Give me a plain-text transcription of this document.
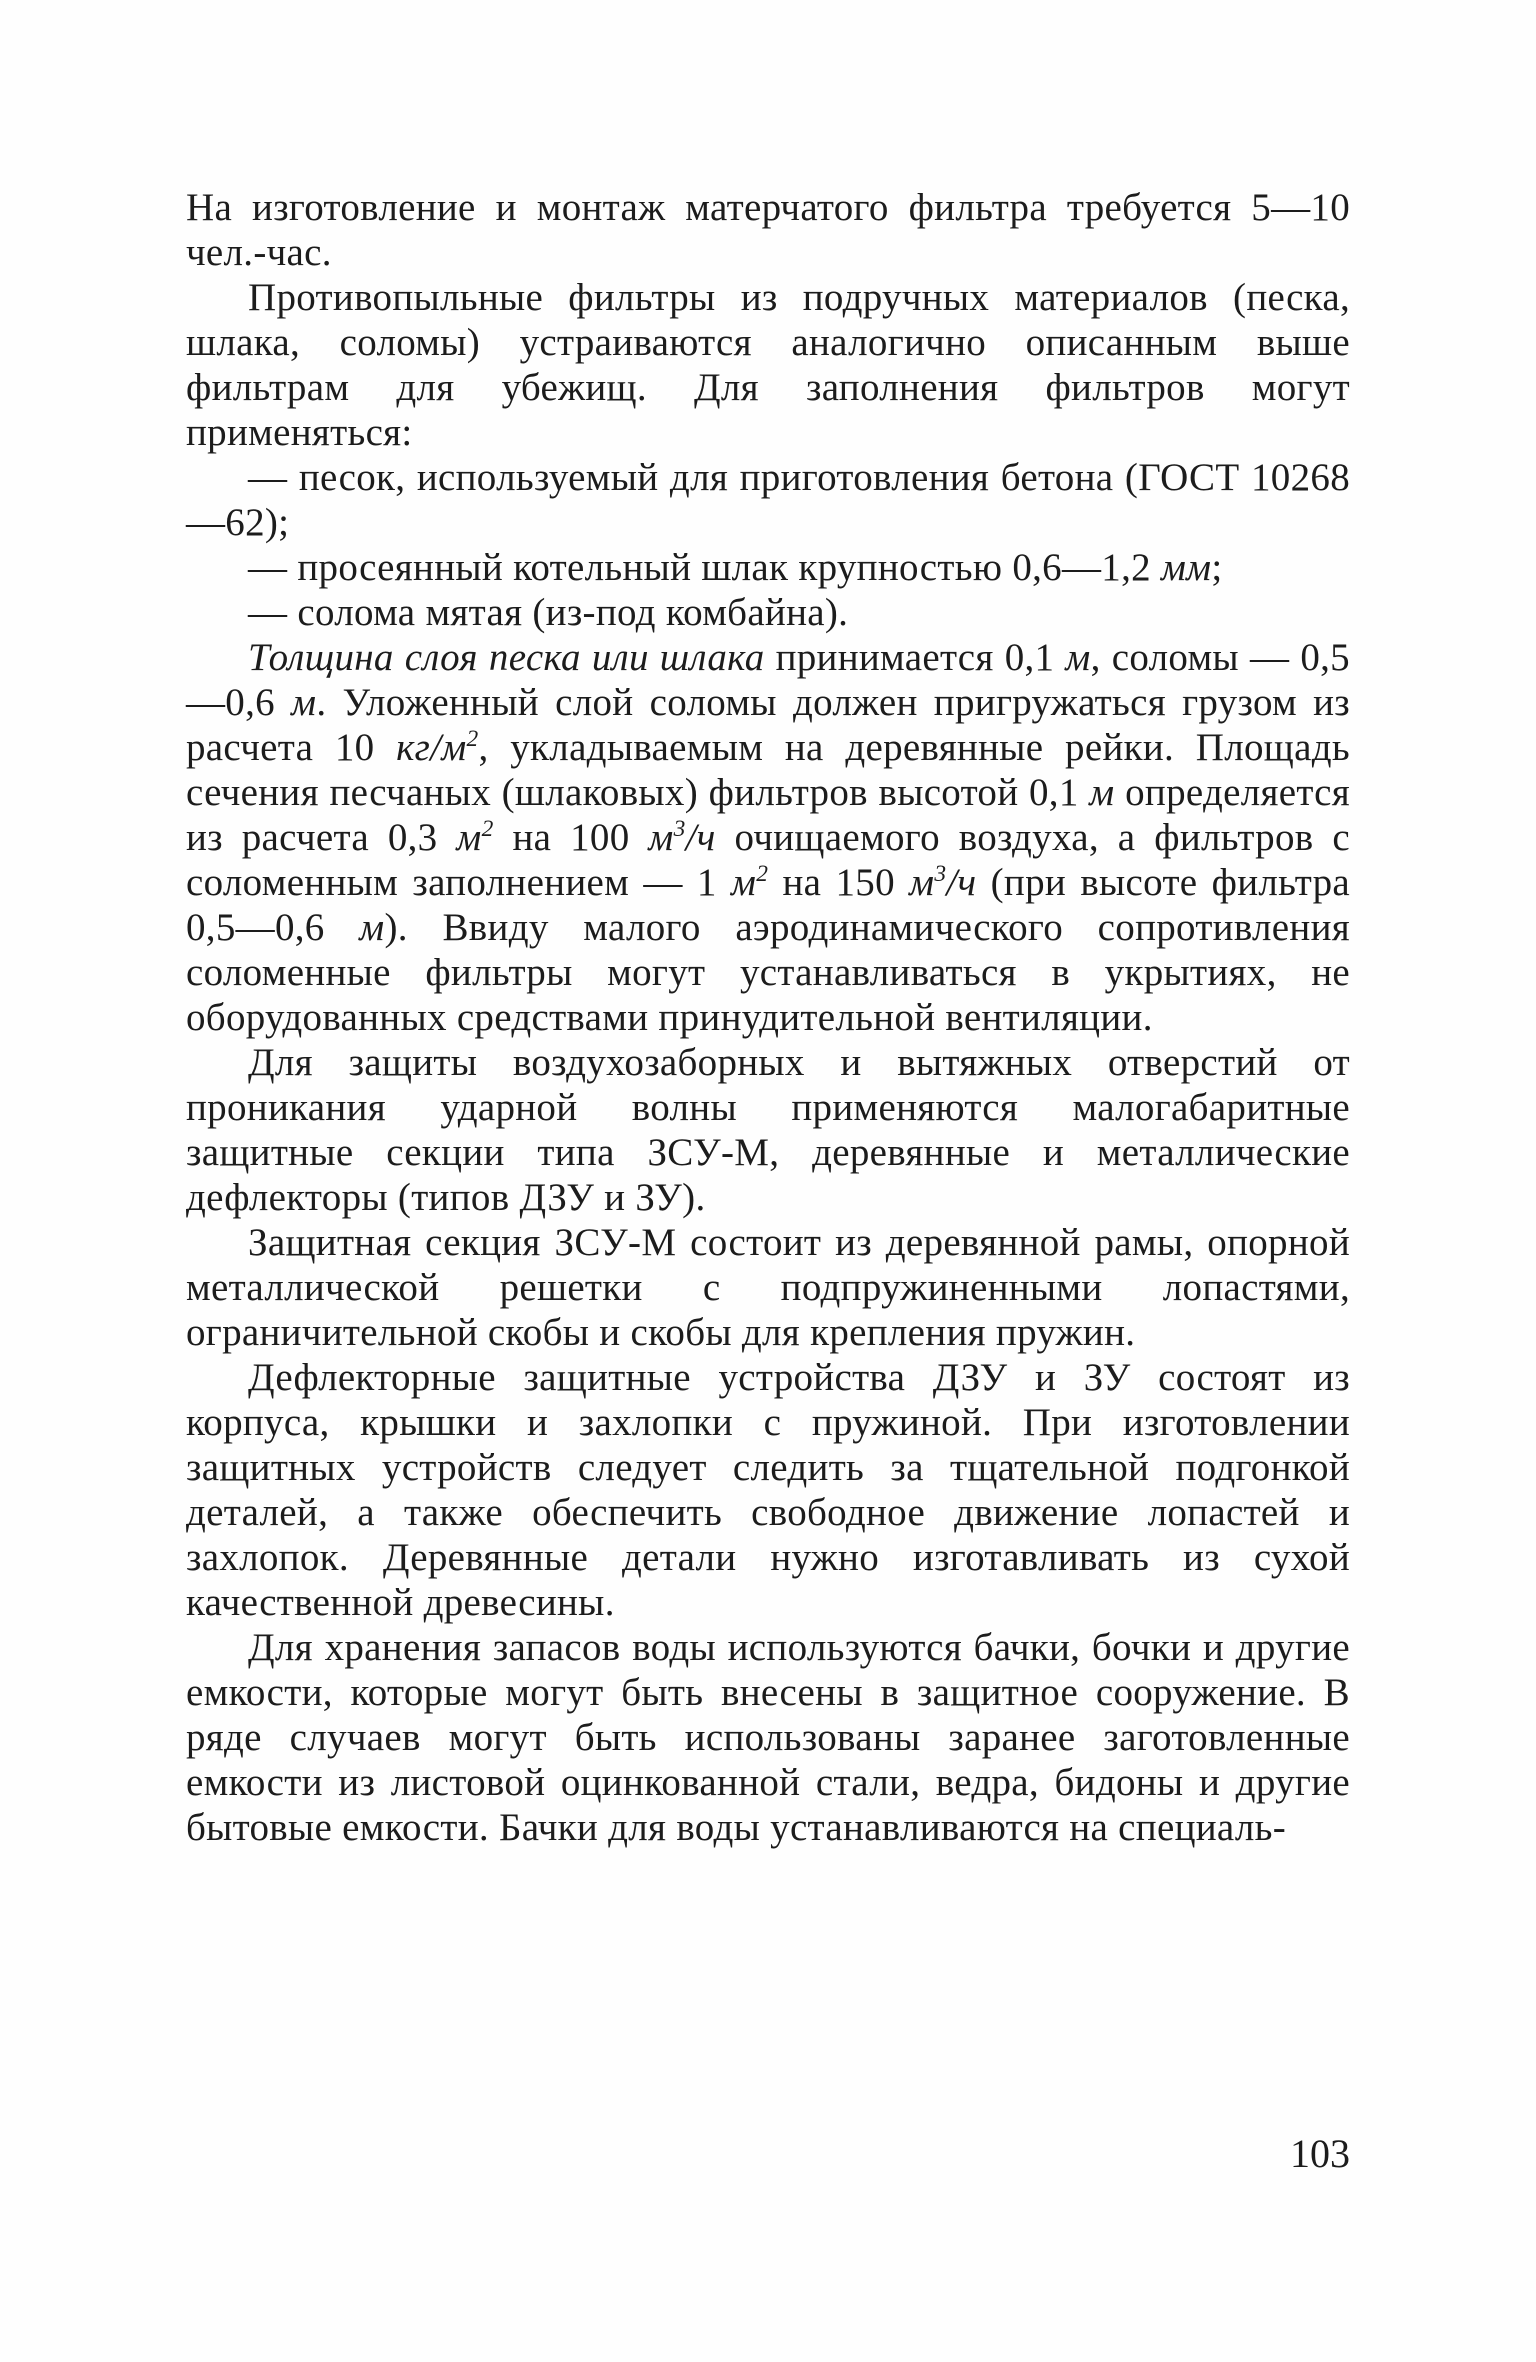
На изготовление и монтаж матерчатого фильтра требуется 5—10 чел.-час.

Противопыльные фильтры из подручных материалов (песка, шлака, соломы) устраиваются аналогично описанным выше фильтрам для убежищ. Для заполнения фильтров могут применяться:

— песок, используемый для приготовления бетона (ГОСТ 10268—62);

— просеянный котельный шлак крупностью 0,6—1,2 мм;

— солома мятая (из-под комбайна).

Толщина слоя песка или шлака принимается 0,1 м, соломы — 0,5—0,6 м. Уложенный слой соломы должен пригружаться грузом из расчета 10 $кг/м^2$, укладываемым на деревянные рейки. Площадь сечения песчаных (шлаковых) фильтров высотой 0,1 м определяется из расчета 0,3 $м^2$ на 100 $м^3/ч$ очищаемого воздуха, а фильтров с соломенным заполнением — 1 $м^2$ на 150 $м^3/ч$ (при высоте фильтра 0,5—0,6 м). Ввиду малого аэродинамического сопротивления соломенные фильтры могут устанавливаться в укрытиях, не оборудованных средствами принудительной вентиляции.

Для защиты воздухозаборных и вытяжных отверстий от проникания ударной волны применяются малогабаритные защитные секции типа ЗСУ-М, деревянные и металлические дефлекторы (типов ДЗУ и ЗУ).

Защитная секция ЗСУ-М состоит из деревянной рамы, опорной металлической решетки с подпружиненными лопастями, ограничительной скобы и скобы для крепления пружин.

Дефлекторные защитные устройства ДЗУ и ЗУ состоят из корпуса, крышки и захлопки с пружиной. При изготовлении защитных устройств следует следить за тщательной подгонкой деталей, а также обеспечить свободное движение лопастей и захлопок. Деревянные детали нужно изготавливать из сухой качественной древесины.

Для хранения запасов воды используются бачки, бочки и другие емкости, которые могут быть внесены в защитное сооружение. В ряде случаев могут быть использованы заранее заготовленные емкости из листовой оцинкованной стали, ведра, бидоны и другие бытовые емкости. Бачки для воды устанавливаются на специаль-

103
